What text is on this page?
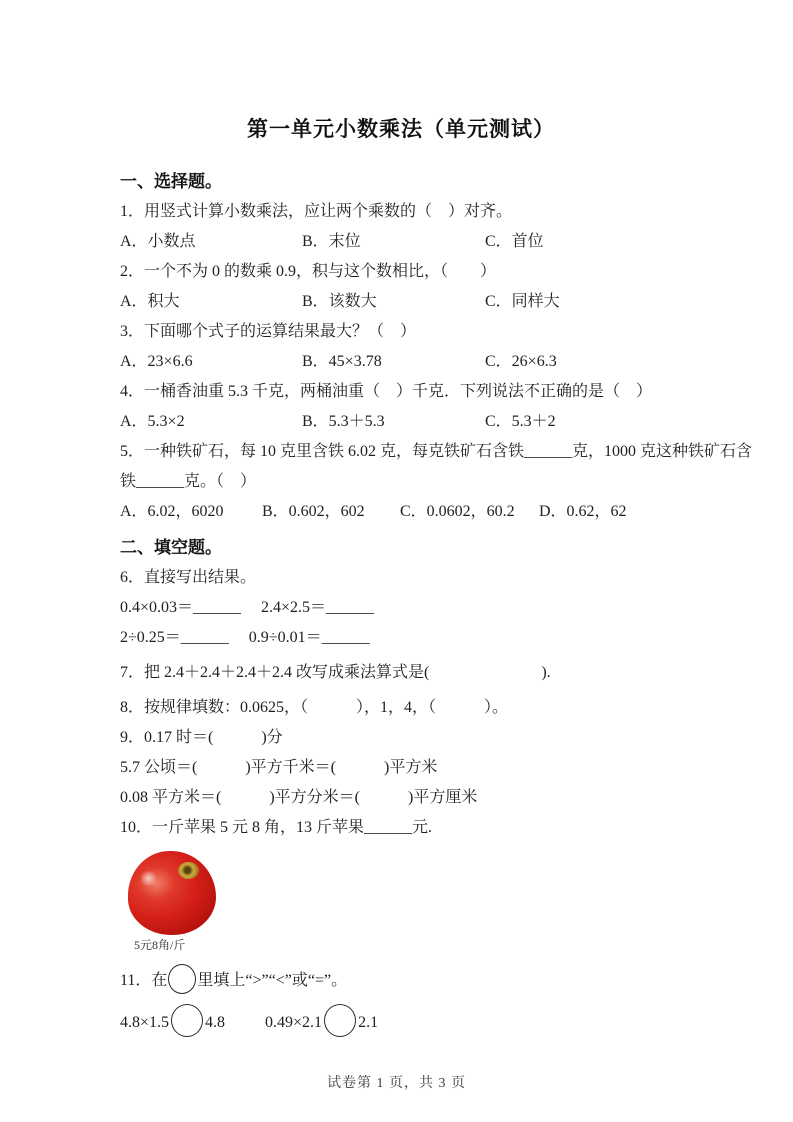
第一单元小数乘法（单元测试）
一、选择题。
1．用竖式计算小数乘法，应让两个乘数的（　）对齐。
A．小数点	B．末位	C．首位
2．一个不为 0 的数乘 0.9，积与这个数相比，（　　）
A．积大	B．该数大	C．同样大
3．下面哪个式子的运算结果最大？（　）
A．23×6.6	B．45×3.78	C．26×6.3
4．一桶香油重 5.3 千克，两桶油重（　）千克．下列说法不正确的是（　）
A．5.3×2	B．5.3＋5.3	C．5.3＋2
5．一种铁矿石，每 10 克里含铁 6.02 克，每克铁矿石含铁______克，1000 克这种铁矿石含
铁______克。（　）
A．6.02，6020	B．0.602，602	C．0.0602，60.2	D．0.62，62
二、填空题。
6．直接写出结果。
0.4×0.03＝______ 2.4×2.5＝______
2÷0.25＝______ 0.9÷0.01＝______
7．把 2.4＋2.4＋2.4＋2.4 改写成乘法算式是(　　　　　　　).
8．按规律填数：0.0625，（　　　），1，4，（　　　）。
9．0.17 时＝(　　　)分
5.7 公顷＝(　　　)平方千米＝(　　　)平方米
0.08 平方米＝(　　　)平方分米＝(　　　)平方厘米
10．一斤苹果 5 元 8 角，13 斤苹果______元.
5元8角/斤
11．在 里填上“>”“<”或“=”。
4.8×1.5 4.8	0.49×2.1 2.1
试卷第 1 页，共 3 页
